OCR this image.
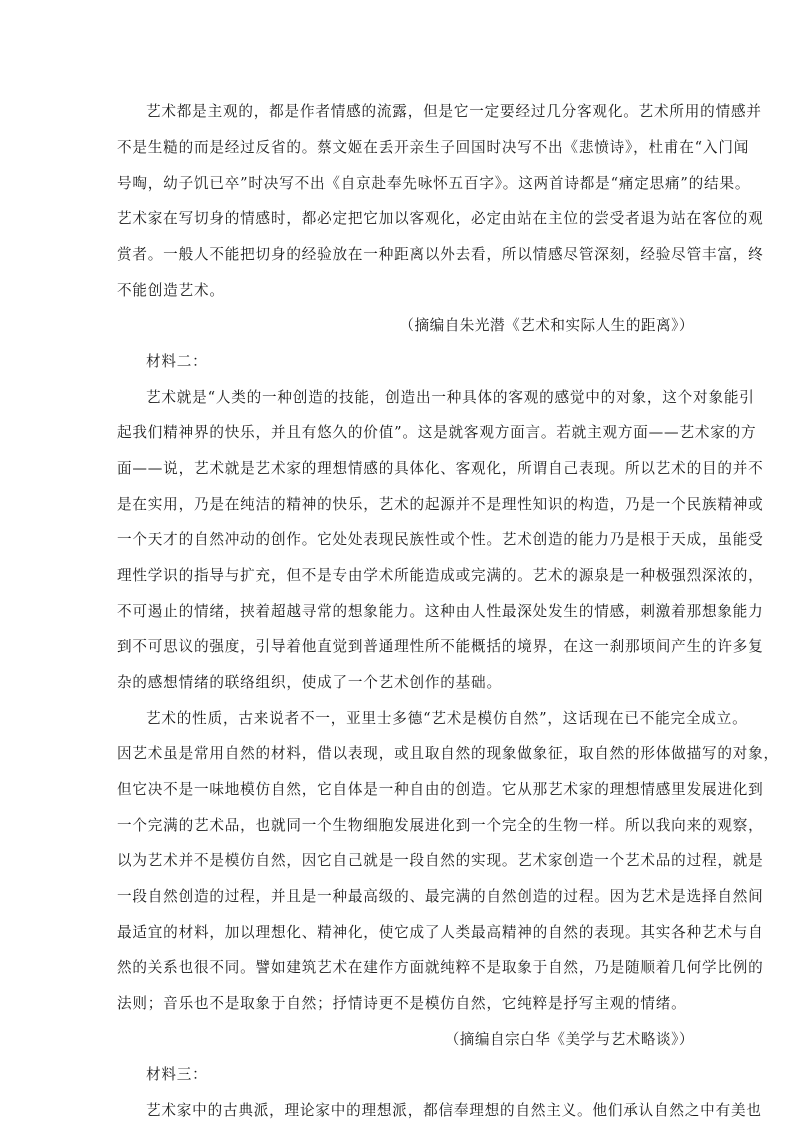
艺术都是主观的，都是作者情感的流露，但是它一定要经过几分客观化。艺术所用的情感并
不是生糙的而是经过反省的。蔡文姬在丢开亲生子回国时决写不出《悲愤诗》，杜甫在“入门闻
号啕，幼子饥已卒”时决写不出《自京赴奉先咏怀五百字》。这两首诗都是“痛定思痛”的结果。
艺术家在写切身的情感时，都必定把它加以客观化，必定由站在主位的尝受者退为站在客位的观
赏者。一般人不能把切身的经验放在一种距离以外去看，所以情感尽管深刻，经验尽管丰富，终
不能创造艺术。
（摘编自朱光潜《艺术和实际人生的距离》）
材料二：
艺术就是“人类的一种创造的技能，创造出一种具体的客观的感觉中的对象，这个对象能引
起我们精神界的快乐，并且有悠久的价值”。这是就客观方面言。若就主观方面——艺术家的方
面——说，艺术就是艺术家的理想情感的具体化、客观化，所谓自己表现。所以艺术的目的并不
是在实用，乃是在纯洁的精神的快乐，艺术的起源并不是理性知识的构造，乃是一个民族精神或
一个天才的自然冲动的创作。它处处表现民族性或个性。艺术创造的能力乃是根于天成，虽能受
理性学识的指导与扩充，但不是专由学术所能造成或完满的。艺术的源泉是一种极强烈深浓的，
不可遏止的情绪，挟着超越寻常的想象能力。这种由人性最深处发生的情感，刺激着那想象能力
到不可思议的强度，引导着他直觉到普通理性所不能概括的境界，在这一刹那顷间产生的许多复
杂的感想情绪的联络组织，使成了一个艺术创作的基础。
艺术的性质，古来说者不一，亚里士多德“艺术是模仿自然”，这话现在已不能完全成立。
因艺术虽是常用自然的材料，借以表现，或且取自然的现象做象征，取自然的形体做描写的对象，
但它决不是一味地模仿自然，它自体是一种自由的创造。它从那艺术家的理想情感里发展进化到
一个完满的艺术品，也就同一个生物细胞发展进化到一个完全的生物一样。所以我向来的观察，
以为艺术并不是模仿自然，因它自己就是一段自然的实现。艺术家创造一个艺术品的过程，就是
一段自然创造的过程，并且是一种最高级的、最完满的自然创造的过程。因为艺术是选择自然间
最适宜的材料，加以理想化、精神化，使它成了人类最高精神的自然的表现。其实各种艺术与自
然的关系也很不同。譬如建筑艺术在建作方面就纯粹不是取象于自然，乃是随顺着几何学比例的
法则；音乐也不是取象于自然；抒情诗更不是模仿自然，它纯粹是抒写主观的情绪。
（摘编自宗白华《美学与艺术略谈》）
材料三：
艺术家中的古典派，理论家中的理想派，都信奉理想的自然主义。他们承认自然之中有美也
